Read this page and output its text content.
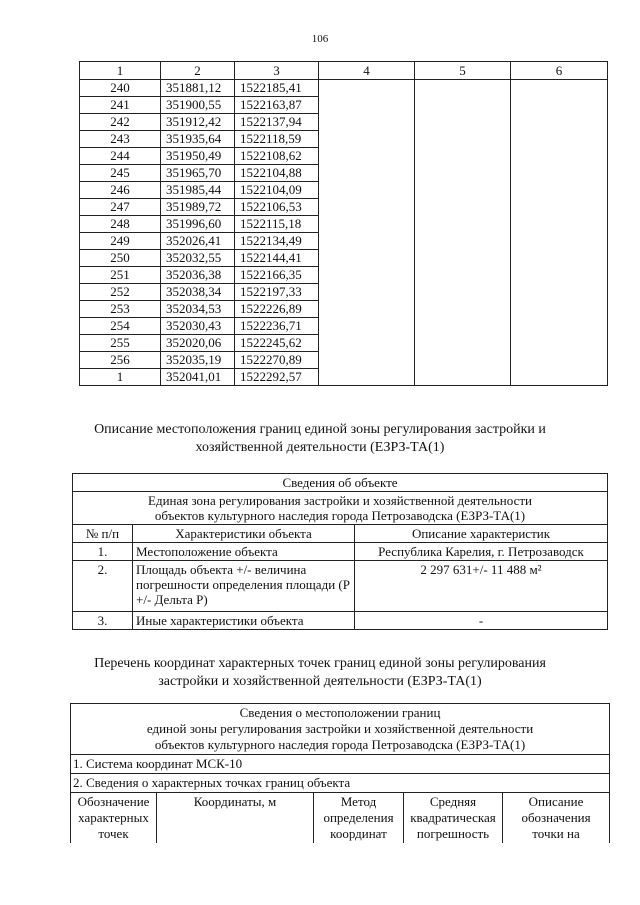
106
1	2	3	4	5	6
240	351881,12	1522185,41			
241	351900,55	1522163,87			
242	351912,42	1522137,94			
243	351935,64	1522118,59			
244	351950,49	1522108,62			
245	351965,70	1522104,88			
246	351985,44	1522104,09			
247	351989,72	1522106,53			
248	351996,60	1522115,18			
249	352026,41	1522134,49			
250	352032,55	1522144,41			
251	352036,38	1522166,35			
252	352038,34	1522197,33			
253	352034,53	1522226,89			
254	352030,43	1522236,71			
255	352020,06	1522245,62			
256	352035,19	1522270,89			
1	352041,01	1522292,57			
Описание местоположения границ единой зоны регулирования застройки и
хозяйственной деятельности (ЕЗРЗ-ТА(1)
Сведения об объекте		

Единая зона регулирования застройки и хозяйственной деятельности
объектов культурного наследия города Петрозаводска (ЕЗРЗ-ТА(1)		

№ п/п	Характеристики объекта	Описание характеристик
1.	Местоположение объекта	Республика Карелия, г. Петрозаводск
2.	Площадь объекта +/- величина погрешности определения площади (Р +/- Дельта Р)	2 297 631+/- 11 488 м²
3.	Иные характеристики объекта	-
Перечень координат характерных точек границ единой зоны регулирования
застройки и хозяйственной деятельности (ЕЗРЗ-ТА(1)
Сведения о местоположении границ
единой зоны регулирования застройки и хозяйственной деятельности
объектов культурного наследия города Петрозаводска (ЕЗРЗ-ТА(1)

1. Система координат МСК-10
2. Сведения о характерных точках границ объекта
Обозначение характерных точек	Координаты, м	Метод определения координат	Средняя квадратическая погрешность	Описание обозначения точки на
